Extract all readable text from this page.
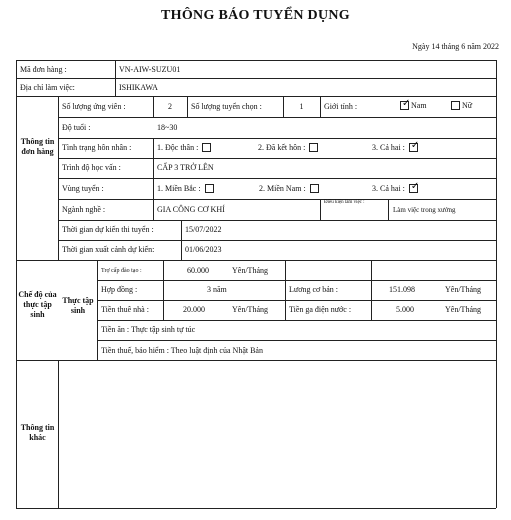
THÔNG BÁO TUYỂN DỤNG
Ngày 14 tháng 6 năm 2022
Mã đơn hàng :	VN-AIW-SUZU01
Địa chỉ làm việc:	ISHIKAWA
Thông tin đơn hàng
Chế độ của thực tập sinh
Thực tập sinh
Thông tin khác
Số lượng ứng viên :	2	Số lượng tuyển chọn :	1	Giới tính :
✓	Nam	Nữ
Độ tuổi :	18~30
Tình trạng hôn nhân :	1. Độc thân :	2. Đã kết hôn :	3. Cả hai :✓
Trình độ học vấn :	CẤP 3 TRỞ LÊN
Vùng tuyển :	1. Miền Bắc :	2. Miền Nam :	3. Cả hai :✓
Ngành nghề :	GIA CÔNG CƠ KHÍ
Điều kiện làm việc :
Làm việc trong xưởng
Thời gian dự kiến thi tuyển :	15/07/2022
Thời gian xuất cảnh dự kiến:	01/06/2023
Trợ cấp đào tạo :	60.000	Yên/Tháng
Hợp đồng :	3 năm	Lương cơ bản :	151.098	Yên/Tháng
Tiền thuê nhà :	20.000	Yên/Tháng	Tiền ga điện nước :	5.000	Yên/Tháng
Tiền ăn : Thực tập sinh tự túc
Tiền thuế, bảo hiểm : Theo luật định của Nhật Bản
